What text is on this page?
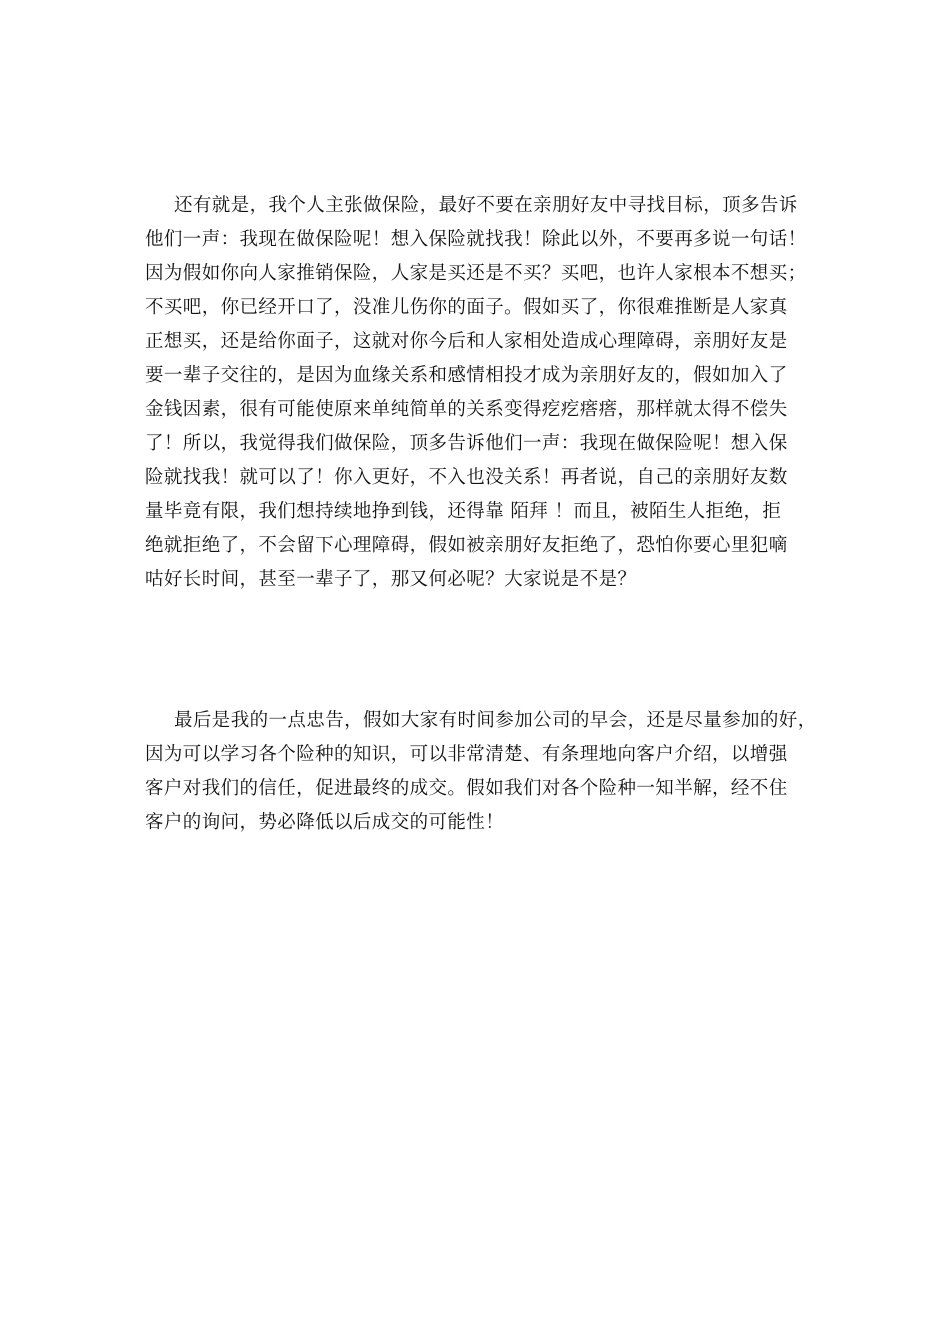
还有就是，我个人主张做保险，最好不要在亲朋好友中寻找目标，顶多告诉
他们一声：我现在做保险呢！想入保险就找我！除此以外，不要再多说一句话！
因为假如你向人家推销保险，人家是买还是不买？买吧，也许人家根本不想买；
不买吧，你已经开口了，没准儿伤你的面子。假如买了，你很难推断是人家真
正想买，还是给你面子，这就对你今后和人家相处造成心理障碍，亲朋好友是
要一辈子交往的，是因为血缘关系和感情相投才成为亲朋好友的，假如加入了
金钱因素，很有可能使原来单纯简单的关系变得疙疙瘩瘩，那样就太得不偿失
了！所以，我觉得我们做保险，顶多告诉他们一声：我现在做保险呢！想入保
险就找我！就可以了！你入更好，不入也没关系！再者说，自己的亲朋好友数
量毕竟有限，我们想持续地挣到钱，还得靠 陌拜 ！而且，被陌生人拒绝，拒
绝就拒绝了，不会留下心理障碍，假如被亲朋好友拒绝了，恐怕你要心里犯嘀
咕好长时间，甚至一辈子了，那又何必呢？大家说是不是？
最后是我的一点忠告，假如大家有时间参加公司的早会，还是尽量参加的好，
因为可以学习各个险种的知识，可以非常清楚、有条理地向客户介绍，以增强
客户对我们的信任，促进最终的成交。假如我们对各个险种一知半解，经不住
客户的询问，势必降低以后成交的可能性！
